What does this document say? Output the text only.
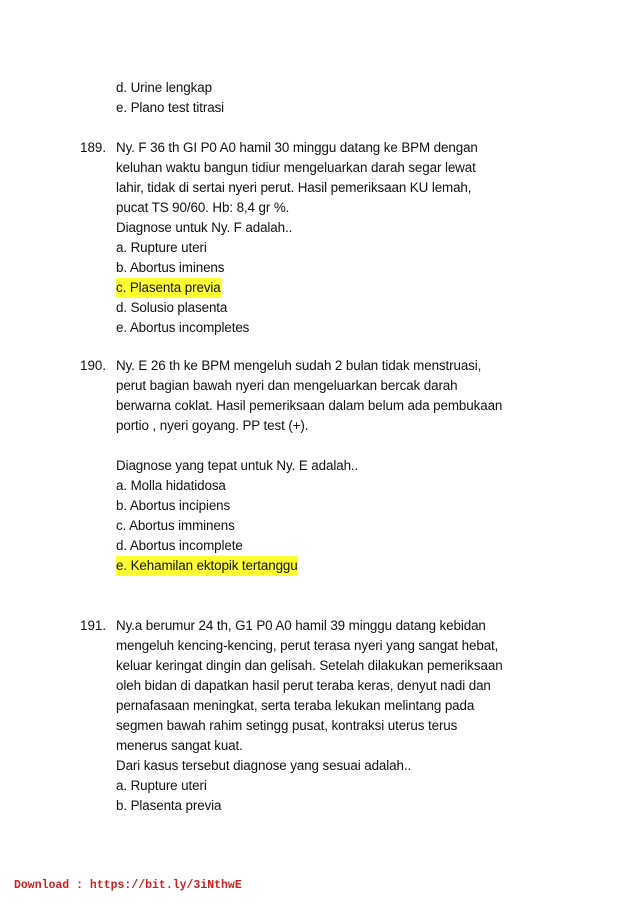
d. Urine lengkap
e. Plano test titrasi
189. Ny. F 36 th GI P0 A0 hamil 30 minggu datang ke BPM dengan
keluhan waktu bangun tidiur mengeluarkan darah segar lewat
lahir, tidak di sertai nyeri perut. Hasil pemeriksaan KU lemah,
pucat TS 90/60. Hb: 8,4 gr %.
Diagnose untuk Ny. F adalah..
a. Rupture uteri
b. Abortus iminens
c. Plasenta previa
d. Solusio plasenta
e. Abortus incompletes
190. Ny. E 26 th ke BPM mengeluh sudah 2 bulan tidak menstruasi,
perut bagian bawah nyeri dan mengeluarkan bercak darah
berwarna coklat. Hasil pemeriksaan dalam belum ada pembukaan
portio , nyeri goyang. PP test (+).
Diagnose yang tepat untuk Ny. E adalah..
a. Molla hidatidosa
b. Abortus incipiens
c. Abortus imminens
d. Abortus incomplete
e. Kehamilan ektopik tertanggu
191. Ny.a berumur 24 th, G1 P0 A0 hamil 39 minggu datang kebidan
mengeluh kencing-kencing, perut terasa nyeri yang sangat hebat,
keluar keringat dingin dan gelisah. Setelah dilakukan pemeriksaan
oleh bidan di dapatkan hasil perut teraba keras, denyut nadi dan
pernafasaan meningkat, serta teraba lekukan melintang pada
segmen bawah rahim setingg pusat, kontraksi uterus terus
menerus sangat kuat.
Dari kasus tersebut diagnose yang sesuai adalah..
a. Rupture uteri
b. Plasenta previa
Download : https://bit.ly/3iNthwE
